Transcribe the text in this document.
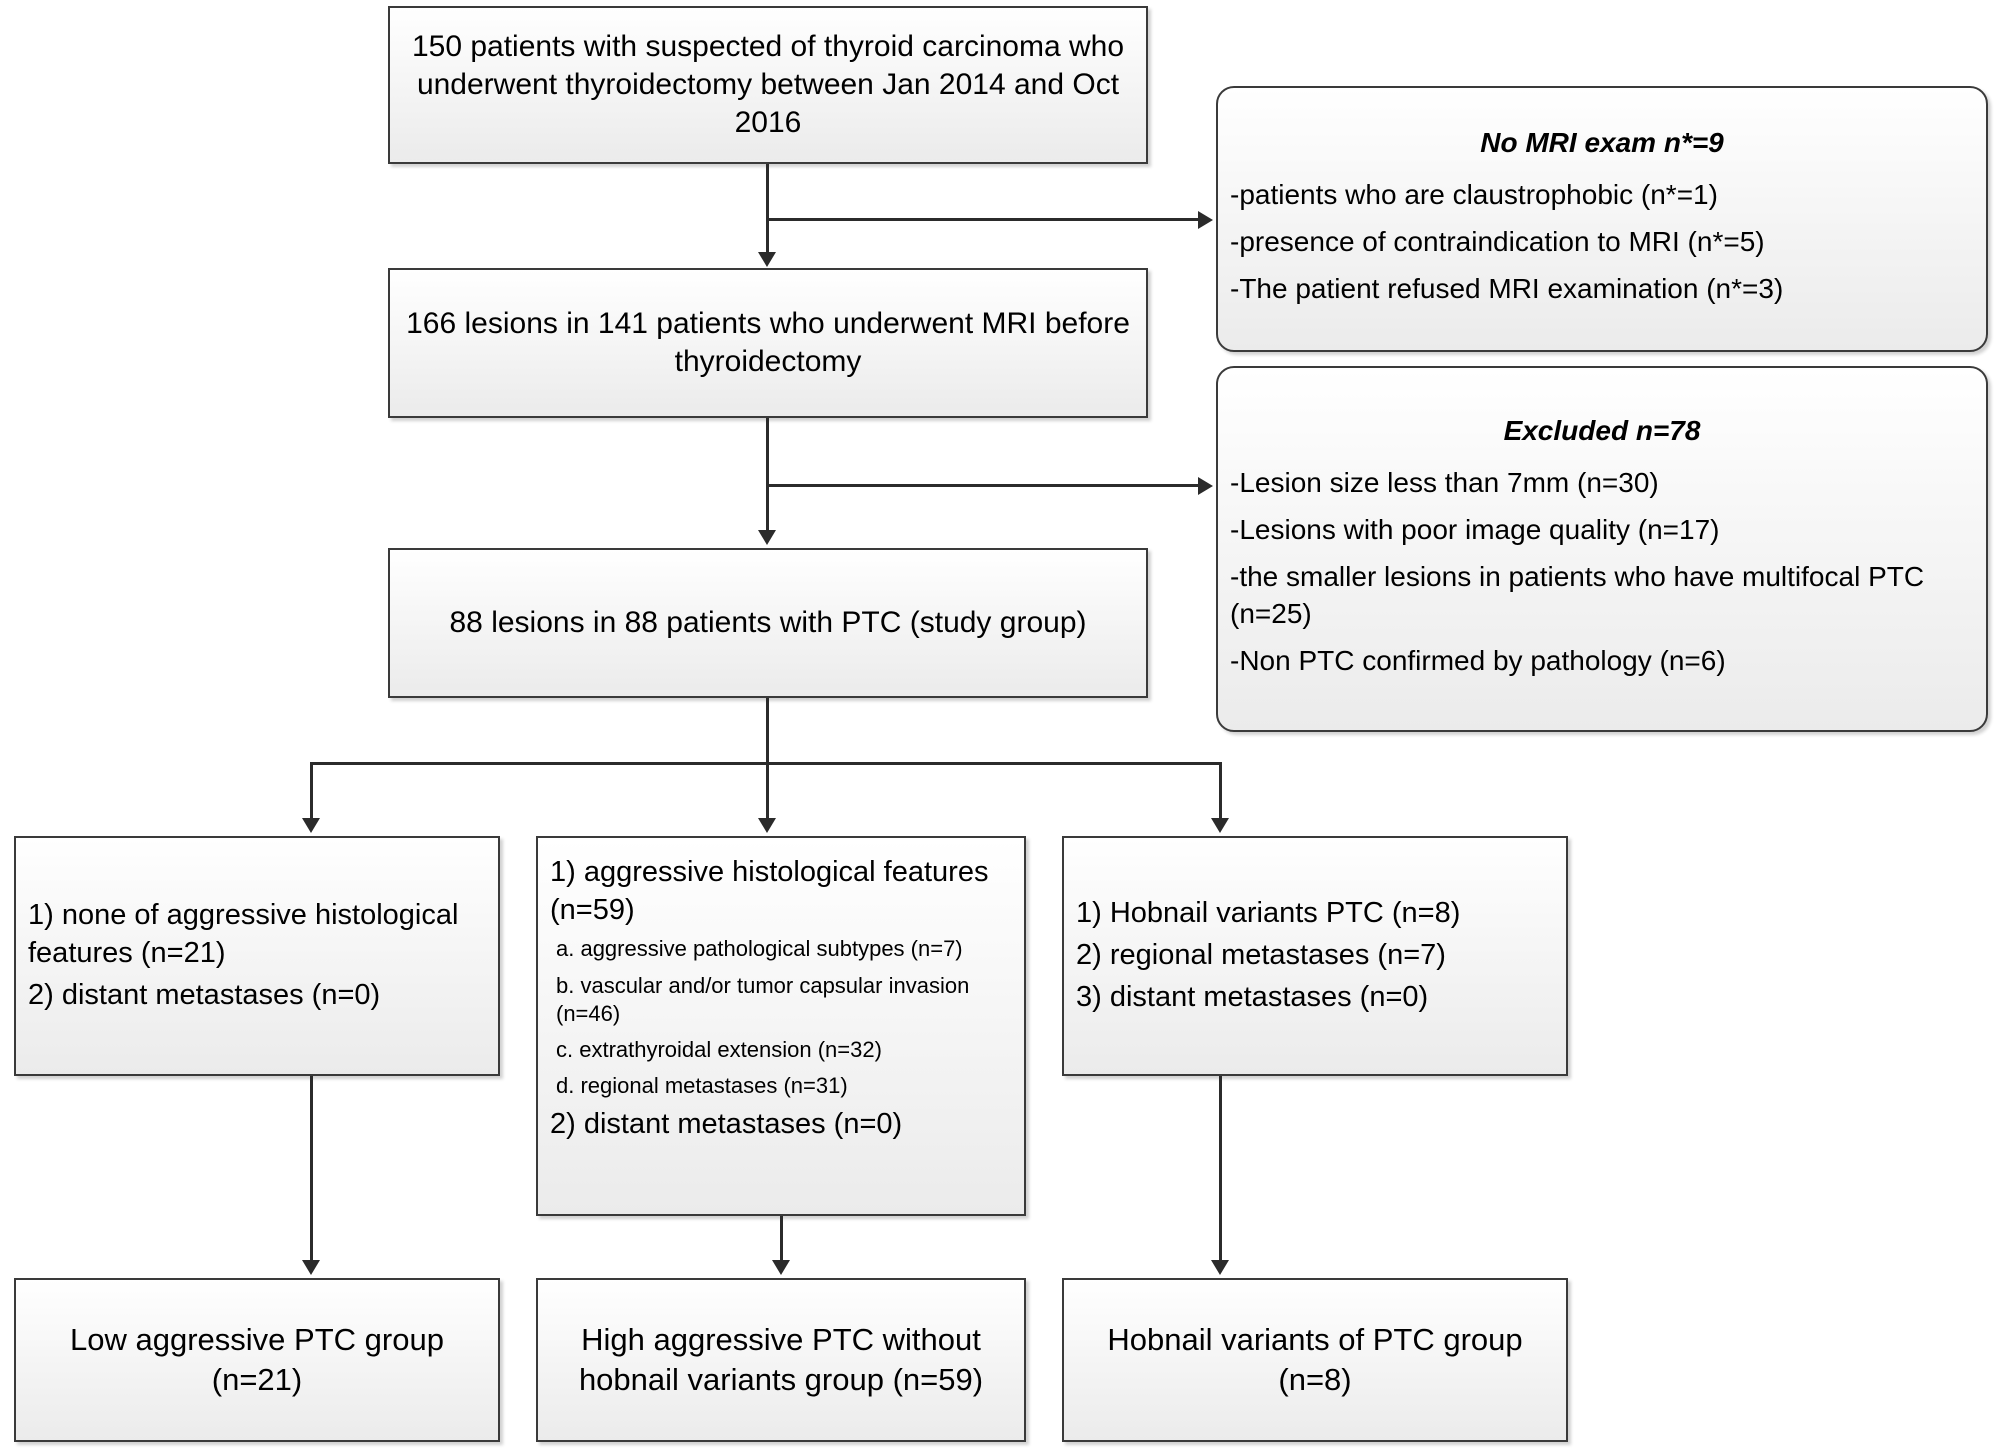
150 patients with suspected of thyroid carcinoma who underwent thyroidectomy between Jan 2014 and Oct 2016
166 lesions in 141 patients who underwent MRI before thyroidectomy
88 lesions in 88 patients with PTC (study group)
No MRI exam n*=9
-patients who are claustrophobic (n*=1)
-presence of contraindication to MRI (n*=5)
-The patient refused MRI examination (n*=3)
Excluded n=78
-Lesion size less than 7mm (n=30)
-Lesions with poor image quality (n=17)
-the smaller lesions in patients who have multifocal PTC (n=25)
-Non PTC confirmed by pathology (n=6)
1) none of aggressive histological features (n=21)
2) distant metastases (n=0)
1) aggressive histological features (n=59)
a. aggressive pathological subtypes (n=7)
b. vascular and/or tumor capsular invasion (n=46)
c. extrathyroidal extension (n=32)
d. regional metastases (n=31)
2) distant metastases (n=0)
1) Hobnail variants PTC (n=8)
2) regional metastases (n=7)
3) distant metastases (n=0)
Low aggressive PTC group (n=21)
High aggressive PTC without hobnail variants group (n=59)
Hobnail variants of PTC group (n=8)
